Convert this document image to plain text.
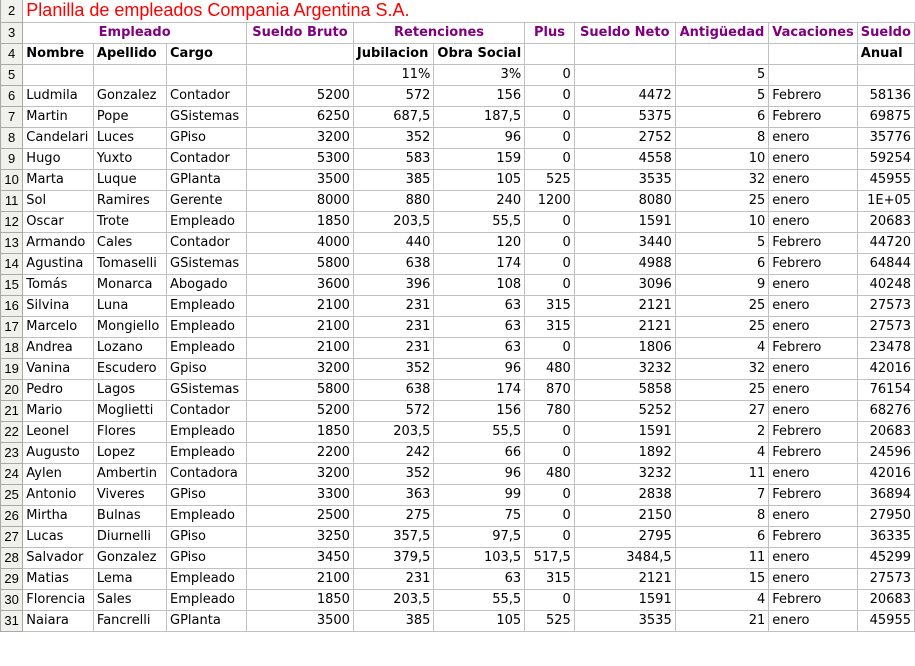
2	Planilla de empleados Compania Argentina S.A.										
3	Empleado			Sueldo Bruto	Retenciones		Plus	Sueldo Neto	Antigüedad	Vacaciones	Sueldo
4	Nombre	Apellido	Cargo		Jubilacion	Obra Social					Anual
5					11%	3%	0		5		
6	Ludmila	Gonzalez	Contador	5200	572	156	0	4472	5	Febrero	58136
7	Martin	Pope	GSistemas	6250	687,5	187,5	0	5375	6	Febrero	69875
8	Candelari	Luces	GPiso	3200	352	96	0	2752	8	enero	35776
9	Hugo	Yuxto	Contador	5300	583	159	0	4558	10	enero	59254
10	Marta	Luque	GPlanta	3500	385	105	525	3535	32	enero	45955
11	Sol	Ramires	Gerente	8000	880	240	1200	8080	25	enero	1E+05
12	Oscar	Trote	Empleado	1850	203,5	55,5	0	1591	10	enero	20683
13	Armando	Cales	Contador	4000	440	120	0	3440	5	Febrero	44720
14	Agustina	Tomaselli	GSistemas	5800	638	174	0	4988	6	Febrero	64844
15	Tomás	Monarca	Abogado	3600	396	108	0	3096	9	enero	40248
16	Silvina	Luna	Empleado	2100	231	63	315	2121	25	enero	27573
17	Marcelo	Mongiello	Empleado	2100	231	63	315	2121	25	enero	27573
18	Andrea	Lozano	Empleado	2100	231	63	0	1806	4	Febrero	23478
19	Vanina	Escudero	Gpiso	3200	352	96	480	3232	32	enero	42016
20	Pedro	Lagos	GSistemas	5800	638	174	870	5858	25	enero	76154
21	Mario	Moglietti	Contador	5200	572	156	780	5252	27	enero	68276
22	Leonel	Flores	Empleado	1850	203,5	55,5	0	1591	2	Febrero	20683
23	Augusto	Lopez	Empleado	2200	242	66	0	1892	4	Febrero	24596
24	Aylen	Ambertin	Contadora	3200	352	96	480	3232	11	enero	42016
25	Antonio	Viveres	GPiso	3300	363	99	0	2838	7	Febrero	36894
26	Mirtha	Bulnas	Empleado	2500	275	75	0	2150	8	enero	27950
27	Lucas	Diurnelli	GPiso	3250	357,5	97,5	0	2795	6	Febrero	36335
28	Salvador	Gonzalez	GPiso	3450	379,5	103,5	517,5	3484,5	11	enero	45299
29	Matias	Lema	Empleado	2100	231	63	315	2121	15	enero	27573
30	Florencia	Sales	Empleado	1850	203,5	55,5	0	1591	4	Febrero	20683
31	Naiara	Fancrelli	GPlanta	3500	385	105	525	3535	21	enero	45955
